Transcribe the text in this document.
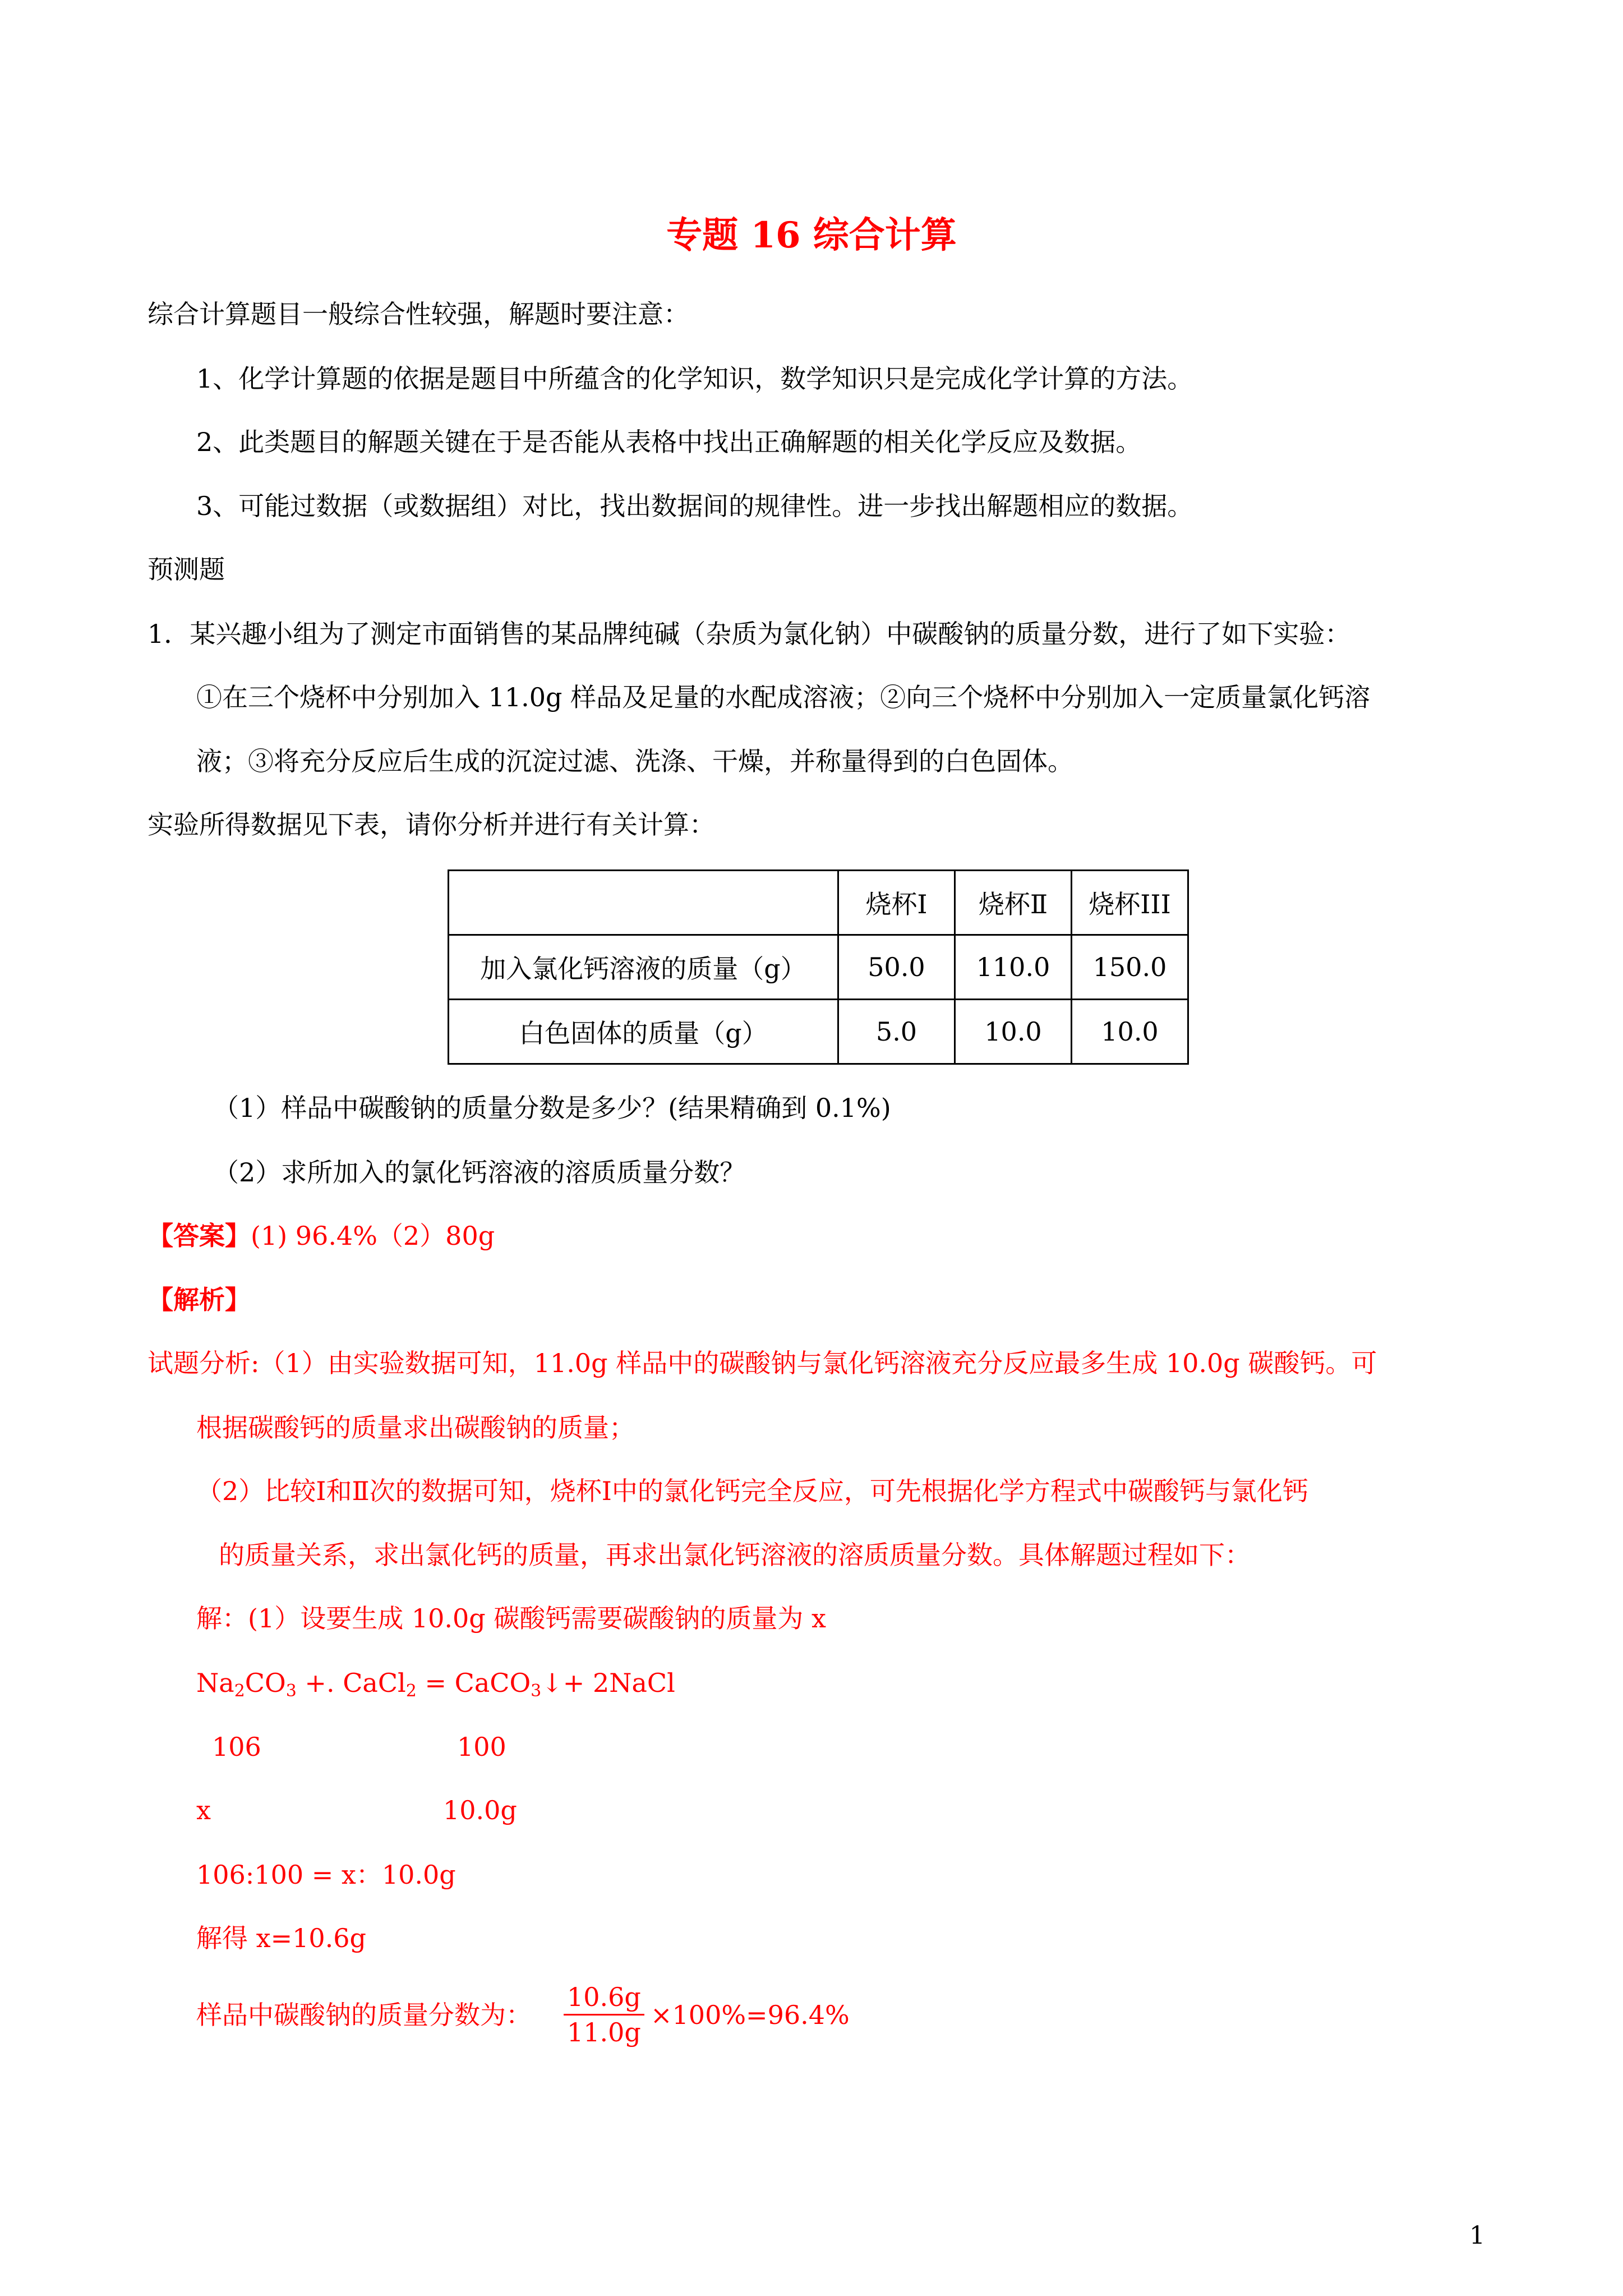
专题 16 综合计算
综合计算题目一般综合性较强，解题时要注意：
1、化学计算题的依据是题目中所蕴含的化学知识，数学知识只是完成化学计算的方法。
2、此类题目的解题关键在于是否能从表格中找出正确解题的相关化学反应及数据。
3、可能过数据（或数据组）对比，找出数据间的规律性。进一步找出解题相应的数据。
预测题
1．某兴趣小组为了测定市面销售的某品牌纯碱（杂质为氯化钠）中碳酸钠的质量分数，进行了如下实验：
①在三个烧杯中分别加入 11.0g 样品及足量的水配成溶液；②向三个烧杯中分别加入一定质量氯化钙溶
液；③将充分反应后生成的沉淀过滤、洗涤、干燥，并称量得到的白色固体。
实验所得数据见下表，请你分析并进行有关计算：
	烧杯Ⅰ	烧杯Ⅱ	烧杯III
加入氯化钙溶液的质量（g）	50.0	110.0	150.0
白色固体的质量（g）	5.0	10.0	10.0
（1）样品中碳酸钠的质量分数是多少？(结果精确到 0.1%)
（2）求所加入的氯化钙溶液的溶质质量分数？
【答案】(1) 96.4%（2）80g
【解析】
试题分析:（1）由实验数据可知，11.0g 样品中的碳酸钠与氯化钙溶液充分反应最多生成 10.0g 碳酸钙。可
根据碳酸钙的质量求出碳酸钠的质量；
（2）比较Ⅰ和Ⅱ次的数据可知，烧杯Ⅰ中的氯化钙完全反应，可先根据化学方程式中碳酸钙与氯化钙
的质量关系，求出氯化钙的质量，再求出氯化钙溶液的溶质质量分数。具体解题过程如下：
解：(1）设要生成 10.0g 碳酸钙需要碳酸钠的质量为 x
$Na_2CO_3$ +. CaCl$_2$ = CaCO$_3$↓+ 2NaCl
106	100
x	10.0g
106:100 = x：10.0g
解得 x=10.6g
样品中碳酸钠的质量分数为：
10.6g
11.0g
×100%=96.4%
1
